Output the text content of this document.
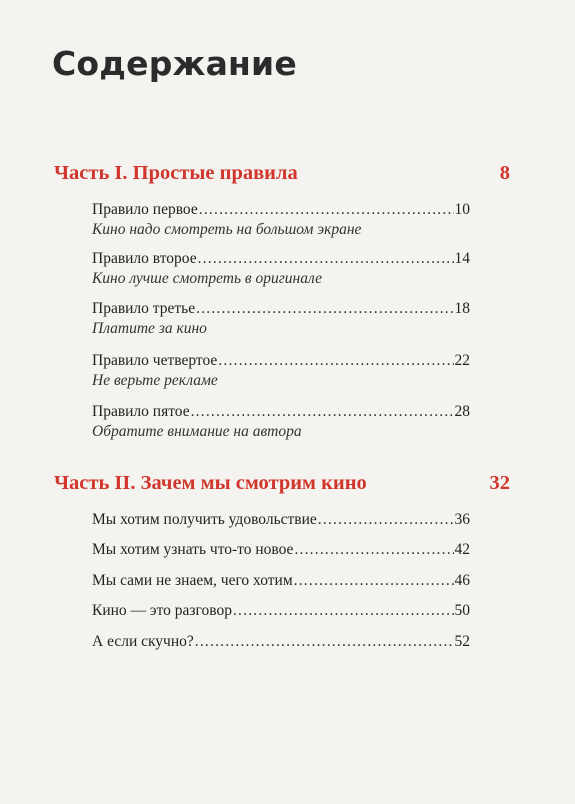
Содержание
Часть I. Простые правила	8
Правило первое .....	10
Кино надо смотреть на большом экране
Правило второе .....	14
Кино лучше смотреть в оригинале
Правило третье .....	18
Платите за кино
Правило четвертое .....	22
Не верьте рекламе
Правило пятое .....	28
Обратите внимание на автора
Часть II. Зачем мы смотрим кино	32
Мы хотим получить удовольствие .....	36
Мы хотим узнать что-то новое .....	42
Мы сами не знаем, чего хотим .....	46
Кино — это разговор .....	50
А если скучно? .....	52
